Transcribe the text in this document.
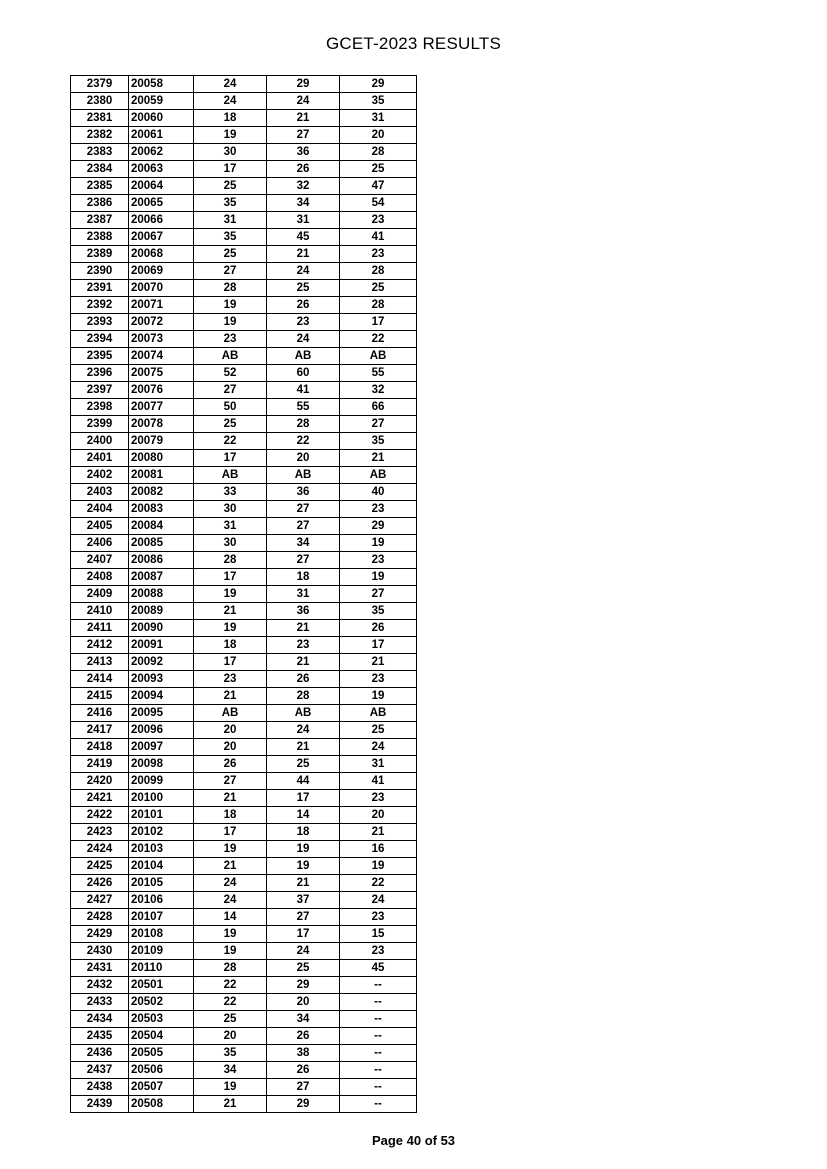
GCET-2023 RESULTS
2379	20058	24	29	29
2380	20059	24	24	35
2381	20060	18	21	31
2382	20061	19	27	20
2383	20062	30	36	28
2384	20063	17	26	25
2385	20064	25	32	47
2386	20065	35	34	54
2387	20066	31	31	23
2388	20067	35	45	41
2389	20068	25	21	23
2390	20069	27	24	28
2391	20070	28	25	25
2392	20071	19	26	28
2393	20072	19	23	17
2394	20073	23	24	22
2395	20074	AB	AB	AB
2396	20075	52	60	55
2397	20076	27	41	32
2398	20077	50	55	66
2399	20078	25	28	27
2400	20079	22	22	35
2401	20080	17	20	21
2402	20081	AB	AB	AB
2403	20082	33	36	40
2404	20083	30	27	23
2405	20084	31	27	29
2406	20085	30	34	19
2407	20086	28	27	23
2408	20087	17	18	19
2409	20088	19	31	27
2410	20089	21	36	35
2411	20090	19	21	26
2412	20091	18	23	17
2413	20092	17	21	21
2414	20093	23	26	23
2415	20094	21	28	19
2416	20095	AB	AB	AB
2417	20096	20	24	25
2418	20097	20	21	24
2419	20098	26	25	31
2420	20099	27	44	41
2421	20100	21	17	23
2422	20101	18	14	20
2423	20102	17	18	21
2424	20103	19	19	16
2425	20104	21	19	19
2426	20105	24	21	22
2427	20106	24	37	24
2428	20107	14	27	23
2429	20108	19	17	15
2430	20109	19	24	23
2431	20110	28	25	45
2432	20501	22	29	--
2433	20502	22	20	--
2434	20503	25	34	--
2435	20504	20	26	--
2436	20505	35	38	--
2437	20506	34	26	--
2438	20507	19	27	--
2439	20508	21	29	--
Page 40 of 53
